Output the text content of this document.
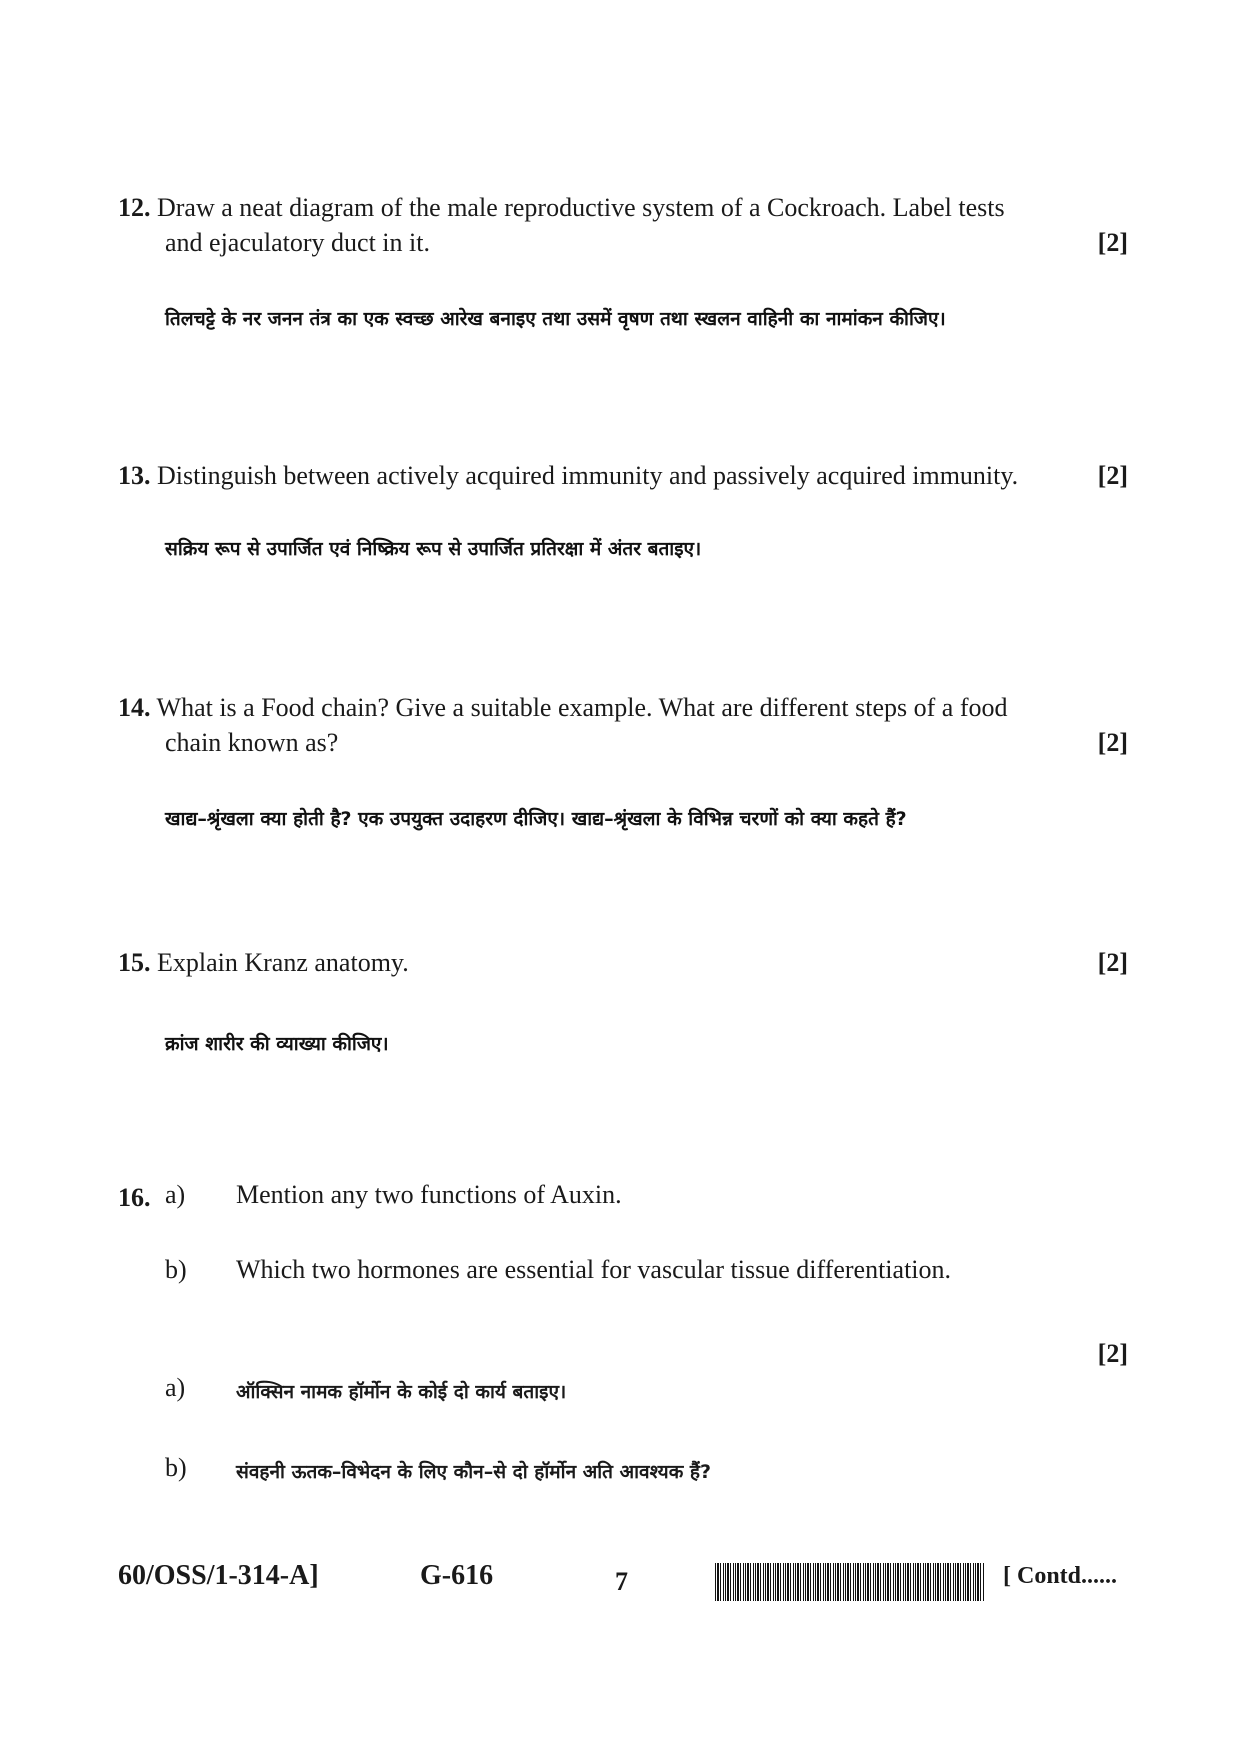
12. Draw a neat diagram of the male reproductive system of a Cockroach. Label tests
and ejaculatory duct in it.	[2]
तिलचट्टे के नर जनन तंत्र का एक स्वच्छ आरेख बनाइए तथा उसमें वृषण तथा स्खलन वाहिनी का नामांकन कीजिए।
13. Distinguish between actively acquired immunity and passively acquired immunity.	[2]
सक्रिय रूप से उपार्जित एवं निष्क्रिय रूप से उपार्जित प्रतिरक्षा में अंतर बताइए।
14. What is a Food chain? Give a suitable example. What are different steps of a food
chain known as?	[2]
खाद्य–श्रृंखला क्या होती है? एक उपयुक्त उदाहरण दीजिए। खाद्य–श्रृंखला के विभिन्न चरणों को क्या कहते हैं?
15. Explain Kranz anatomy.	[2]
क्रांज शारीर की व्याख्या कीजिए।
16.
[2]
a) Mention any two functions of Auxin.
b) Which two hormones are essential for vascular tissue differentiation.
a)	ऑक्सिन नामक हॉर्मोन के कोई दो कार्य बताइए।
b)	संवहनी ऊतक–विभेदन के लिए कौन–से दो हॉर्मोन अति आवश्यक हैं?
60/OSS/1-314-A]	G-616	7	[ Contd......
